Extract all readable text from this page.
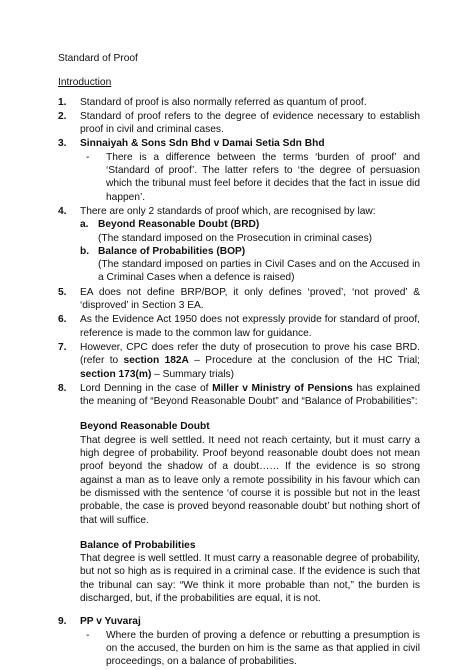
Standard of Proof
Introduction
1.	Standard of proof is also normally referred as quantum of proof.
2.	Standard of proof refers to the degree of evidence necessary to establish proof in civil and criminal cases.
3.	Sinnaiyah & Sons Sdn Bhd v Damai Setia Sdn Bhd
-	There is a difference between the terms ‘burden of proof’ and ‘Standard of proof’. The latter refers to ‘the degree of persuasion which the tribunal must feel before it decides that the fact in issue did happen’.
4.	There are only 2 standards of proof which, are recognised by law:
a. Beyond Reasonable Doubt (BRD)
(The standard imposed on the Prosecution in criminal cases)
b. Balance of Probabilities (BOP)
(The standard imposed on parties in Civil Cases and on the Accused in a Criminal Cases when a defence is raised)
5.	EA does not define BRP/BOP, it only defines ‘proved’, ‘not proved’ & ‘disproved’ in Section 3 EA.
6.	As the Evidence Act 1950 does not expressly provide for standard of proof, reference is made to the common law for guidance.
7.	However, CPC does refer the duty of prosecution to prove his case BRD. (refer to section 182A – Procedure at the conclusion of the HC Trial; section 173(m) – Summary trials)
8.	Lord Denning in the case of Miller v Ministry of Pensions has explained the meaning of “Beyond Reasonable Doubt” and “Balance of Probabilities”:
Beyond Reasonable Doubt
That degree is well settled. It need not reach certainty, but it must carry a high degree of probability. Proof beyond reasonable doubt does not mean proof beyond the shadow of a doubt…… If the evidence is so strong against a man as to leave only a remote possibility in his favour which can be dismissed with the sentence ‘of course it is possible but not in the least probable, the case is proved beyond reasonable doubt’ but nothing short of that will suffice.
Balance of Probabilities
That degree is well settled. It must carry a reasonable degree of probability, but not so high as is required in a criminal case. If the evidence is such that the tribunal can say: “We think it more probable than not,” the burden is discharged, but, if the probabilities are equal, it is not.
9.	PP v Yuvaraj
-	Where the burden of proving a defence or rebutting a presumption is on the accused, the burden on him is the same as that applied in civil proceedings, on a balance of probabilities.
